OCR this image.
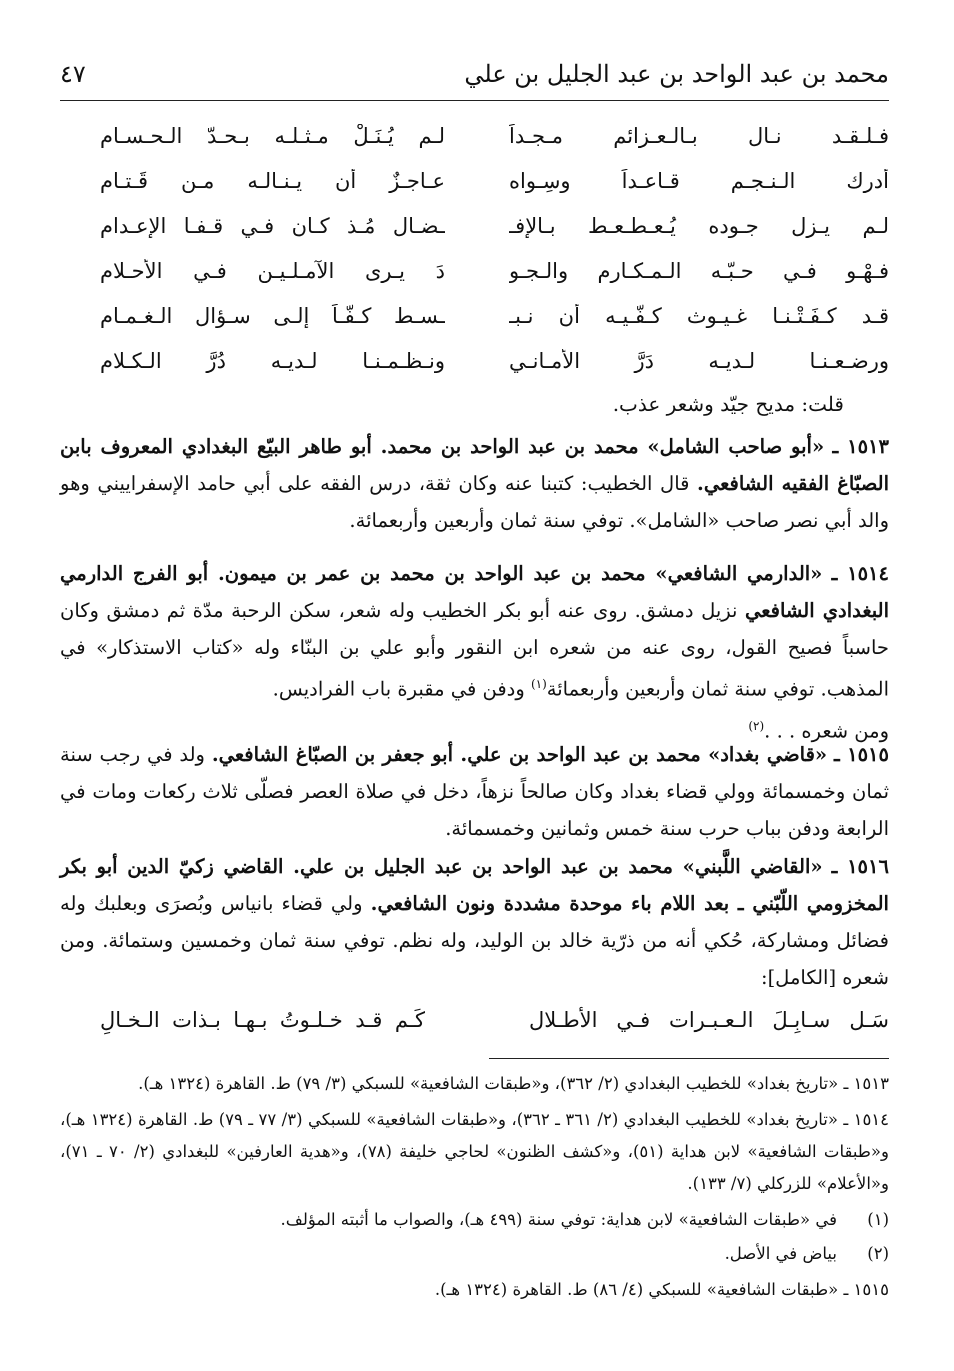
محمد بن عبد الواحد بن عبد الجليل بن علي
٤٧
فـلـقـد نـال بـالـعـزائم مـجـداً
لـم يُـنَـلْ مـثـلـه بـحـدّ الـحـسـامِ
أدرك الـنـجـم قـاعـداً وسِـواه
عـاجـزٌ أن يـنـالـه مـن قَـتـامِ
لـم يـزل جـوده يُـعـطـعـط بـالإفـ
ـضـال مُـذ كـان فـي قـفـا الإعـدامِ
فـهْـو فـي حـبّـه الـمـكـارم والـجـو
دَ يـرى الآمـلـيـن فـي الأحـلامِ
قـد كـفَـتْـنـا غـيـوث كـفّـيـه أن نـبـ
ـسـط كـفّـاً إلـى سـؤال الـغـمـامِ
ورضـعـنـا لـديـه دَرَّ الأمـانـي
ونـظـمـنـا لـديـه دُرَّ الـكـلامِ
قلت: مديح جيّد وشعر عذب.
١٥١٣ ـ «أبو صاحب الشامل» محمد بن عبد الواحد بن محمد. أبو طاهر البيّع البغدادي المعروف بابن الصبّاغ الفقيه الشافعي. قال الخطيب: كتبنا عنه وكان ثقة، درس الفقه على أبي حامد الإسفراييني وهو والد أبي نصر صاحب «الشامل». توفي سنة ثمان وأربعين وأربعمائة.
١٥١٤ ـ «الدارمي الشافعي» محمد بن عبد الواحد بن محمد بن عمر بن ميمون. أبو الفرج الدارمي البغدادي الشافعي نزيل دمشق. روى عنه أبو بكر الخطيب وله شعر، سكن الرحبة مدّة ثم دمشق وكان حاسباً فصيح القول، روى عنه من شعره ابن النقور وأبو علي بن البنّاء وله «كتاب الاستذكار» في المذهب. توفي سنة ثمان وأربعين وأربعمائة$^{(١)}$ ودفن في مقبرة باب الفراديس.
ومن شعره . . .$^{(٢)}$
١٥١٥ ـ «قاضي بغداد» محمد بن عبد الواحد بن علي. أبو جعفر بن الصبّاغ الشافعي. ولد في رجب سنة ثمان وخمسمائة وولي قضاء بغداد وكان صالحاً نزهاً، دخل في صلاة العصر فصلّى ثلاث ركعات ومات في الرابعة ودفن بباب حرب سنة خمس وثمانين وخمسمائة.
١٥١٦ ـ «القاضي اللَّبني» محمد بن عبد الواحد بن عبد الجليل بن علي. القاضي زكيّ الدين أبو بكر المخزومي اللّبّني ـ بعد اللام باء موحدة مشددة ونون الشافعي. ولي قضاء بانياس وبُصرَى وبعلبك وله فضائل ومشاركة، حُكي أنه من ذرّية خالد بن الوليد، وله نظم. توفي سنة ثمان وخمسين وستمائة. ومن شعره [الكامل]:
سَـل سـابِـلَ الـعـبـرات فـي الأطـلال
كَـم قـد خـلـوتُ بـهـا بـذات الـخـالِ
١٥١٣ ـ «تاريخ بغداد» للخطيب البغدادي (٢/ ٣٦٢)، و«طبقات الشافعية» للسبكي (٣/ ٧٩) ط. القاهرة (١٣٢٤ هـ).
١٥١٤ ـ «تاريخ بغداد» للخطيب البغدادي (٢/ ٣٦١ ـ ٣٦٢)، و«طبقات الشافعية» للسبكي (٣/ ٧٧ ـ ٧٩) ط. القاهرة (١٣٢٤ هـ)، و«طبقات الشافعية» لابن هداية (٥١)، و«كشف الظنون» لحاجي خليفة (٧٨)، و«هدية العارفين» للبغدادي (٢/ ٧٠ ـ ٧١)، و«الأعلام» للزركلي (٧/ ١٣٣).
(١)في «طبقات الشافعية» لابن هداية: توفي سنة (٤٩٩ هـ)، والصواب ما أثبته المؤلف.
(٢)بياض في الأصل.
١٥١٥ ـ «طبقات الشافعية» للسبكي (٤/ ٨٦) ط. القاهرة (١٣٢٤ هـ).
